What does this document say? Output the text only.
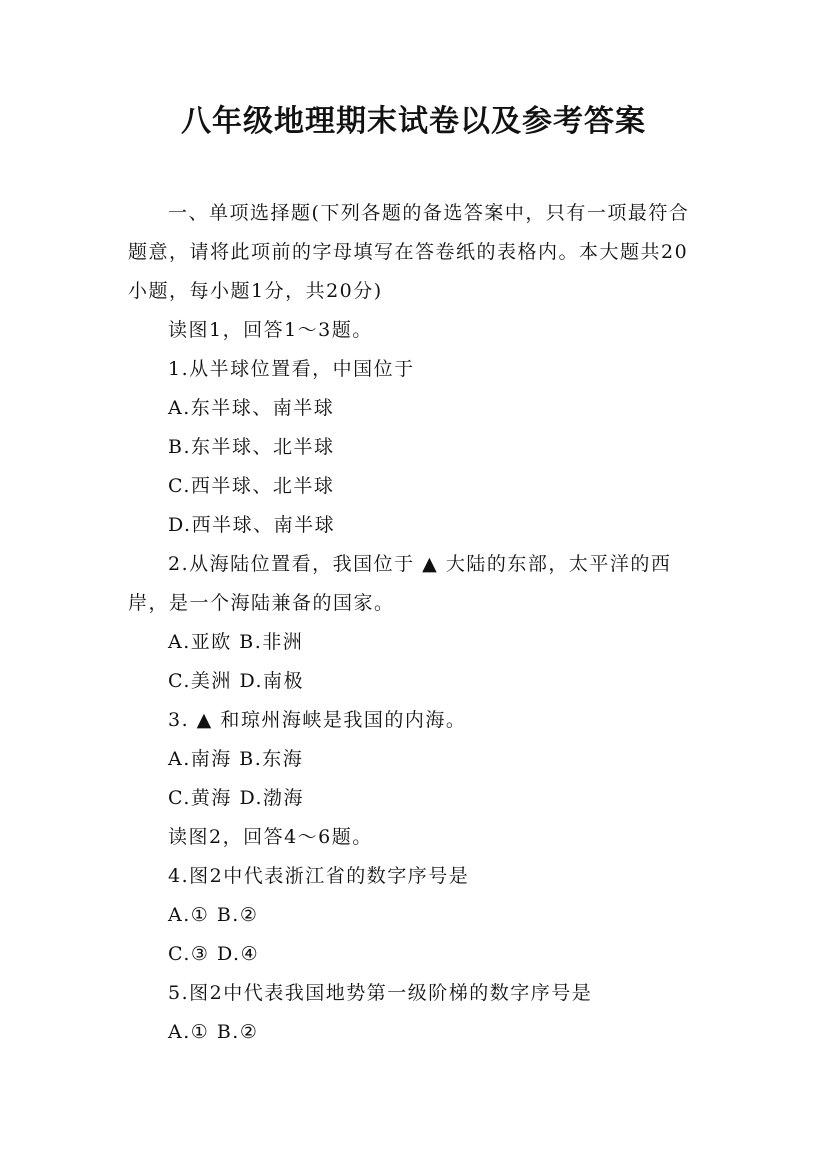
八年级地理期末试卷以及参考答案

一、单项选择题(下列各题的备选答案中，只有一项最符合题意，请将此项前的字母填写在答卷纸的表格内。本大题共20小题，每小题1分，共20分)

读图1，回答1～3题。

1.从半球位置看，中国位于

A.东半球、南半球

B.东半球、北半球

C.西半球、北半球

D.西半球、南半球

2.从海陆位置看，我国位于 ▲ 大陆的东部，太平洋的西岸，是一个海陆兼备的国家。

A.亚欧 B.非洲

C.美洲 D.南极

3. ▲ 和琼州海峡是我国的内海。

A.南海 B.东海

C.黄海 D.渤海

读图2，回答4～6题。

4.图2中代表浙江省的数字序号是

A.① B.②

C.③ D.④

5.图2中代表我国地势第一级阶梯的数字序号是

A.① B.②
